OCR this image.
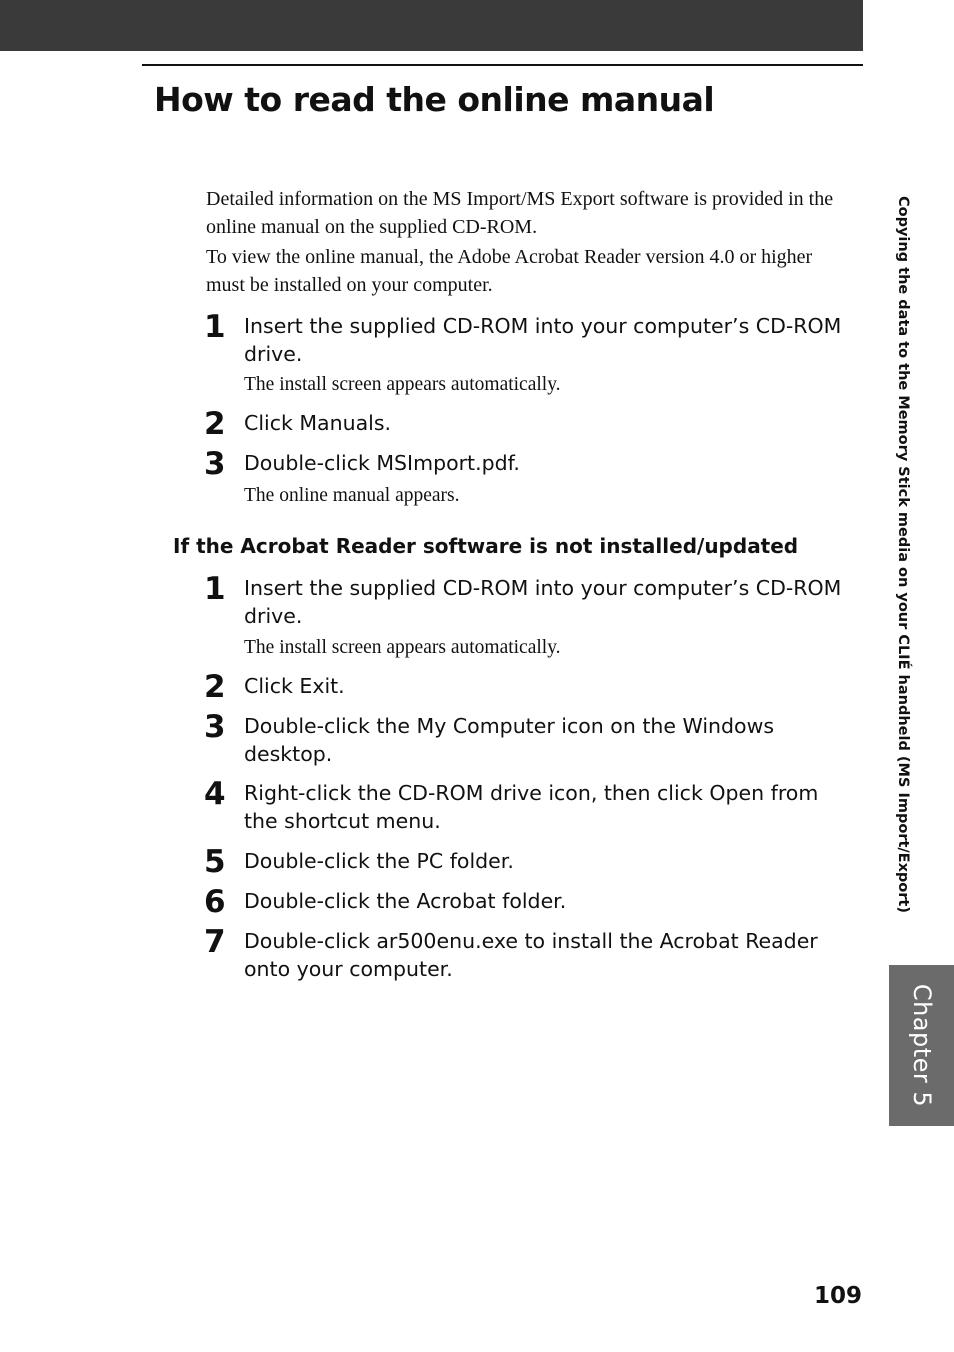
How to read the online manual

Detailed information on the MS Import/MS Export software is provided in the online manual on the supplied CD-ROM.

To view the online manual, the Adobe Acrobat Reader version 4.0 or higher must be installed on your computer.

1 Insert the supplied CD-ROM into your computer’s CD-ROM drive.
The install screen appears automatically.
2 Click Manuals.
3 Double-click MSImport.pdf.
The online manual appears.
If the Acrobat Reader software is not installed/updated
1 Insert the supplied CD-ROM into your computer’s CD-ROM drive.
The install screen appears automatically.
2 Click Exit.
3 Double-click the My Computer icon on the Windows desktop.
4 Right-click the CD-ROM drive icon, then click Open from the shortcut menu.
5 Double-click the PC folder.
6 Double-click the Acrobat folder.
7 Double-click ar500enu.exe to install the Acrobat Reader onto your computer.
Copying the data to the Memory Stick media on your CLIÉ handheld (MS Import/Export)
Chapter 5
109
